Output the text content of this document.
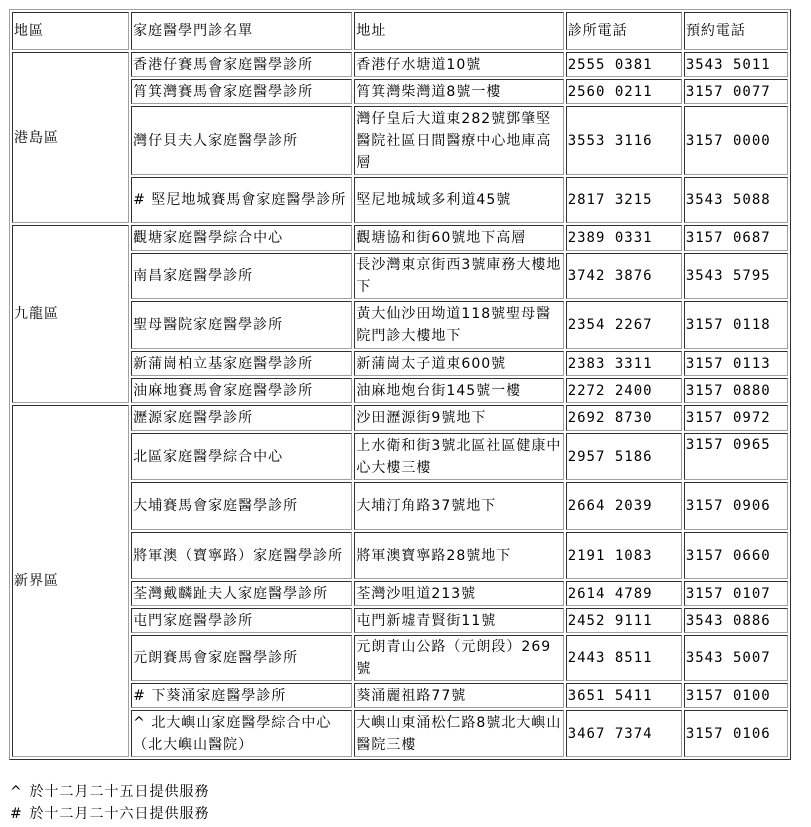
地區	家庭醫學門診名單	地址	診所電話	預約電話
港島區	香港仔賽馬會家庭醫學診所	香港仔水塘道10號	2555 0381	3543 5011
	筲箕灣賽馬會家庭醫學診所	筲箕灣柴灣道8號一樓	2560 0211	3157 0077
	灣仔貝夫人家庭醫學診所	灣仔皇后大道東282號鄧肇堅醫院社區日間醫療中心地庫高層	3553 3116	3157 0000
	# 堅尼地城賽馬會家庭醫學診所	堅尼地城域多利道45號	2817 3215	3543 5088
九龍區	觀塘家庭醫學綜合中心	觀塘協和街60號地下高層	2389 0331	3157 0687
	南昌家庭醫學診所	長沙灣東京街西3號庫務大樓地下	3742 3876	3543 5795
	聖母醫院家庭醫學診所	黃大仙沙田坳道118號聖母醫院門診大樓地下	2354 2267	3157 0118
	新蒲崗柏立基家庭醫學診所	新蒲崗太子道東600號	2383 3311	3157 0113
	油麻地賽馬會家庭醫學診所	油麻地炮台街145號一樓	2272 2400	3157 0880
新界區	瀝源家庭醫學診所	沙田瀝源街9號地下	2692 8730	3157 0972
	北區家庭醫學綜合中心	上水衛和街3號北區社區健康中心大樓三樓	2957 5186	3157 0965
	大埔賽馬會家庭醫學診所	大埔汀角路37號地下	2664 2039	3157 0906
	將軍澳（寶寧路）家庭醫學診所	將軍澳寶寧路28號地下	2191 1083	3157 0660
	荃灣戴麟趾夫人家庭醫學診所	荃灣沙咀道213號	2614 4789	3157 0107
	屯門家庭醫學診所	屯門新墟青賢街11號	2452 9111	3543 0886
	元朗賽馬會家庭醫學診所	元朗青山公路（元朗段）269號	2443 8511	3543 5007
	# 下葵涌家庭醫學診所	葵涌麗祖路77號	3651 5411	3157 0100
	^ 北大嶼山家庭醫學綜合中心（北大嶼山醫院）	大嶼山東涌松仁路8號北大嶼山醫院三樓	3467 7374	3157 0106
^ 於十二月二十五日提供服務
# 於十二月二十六日提供服務
